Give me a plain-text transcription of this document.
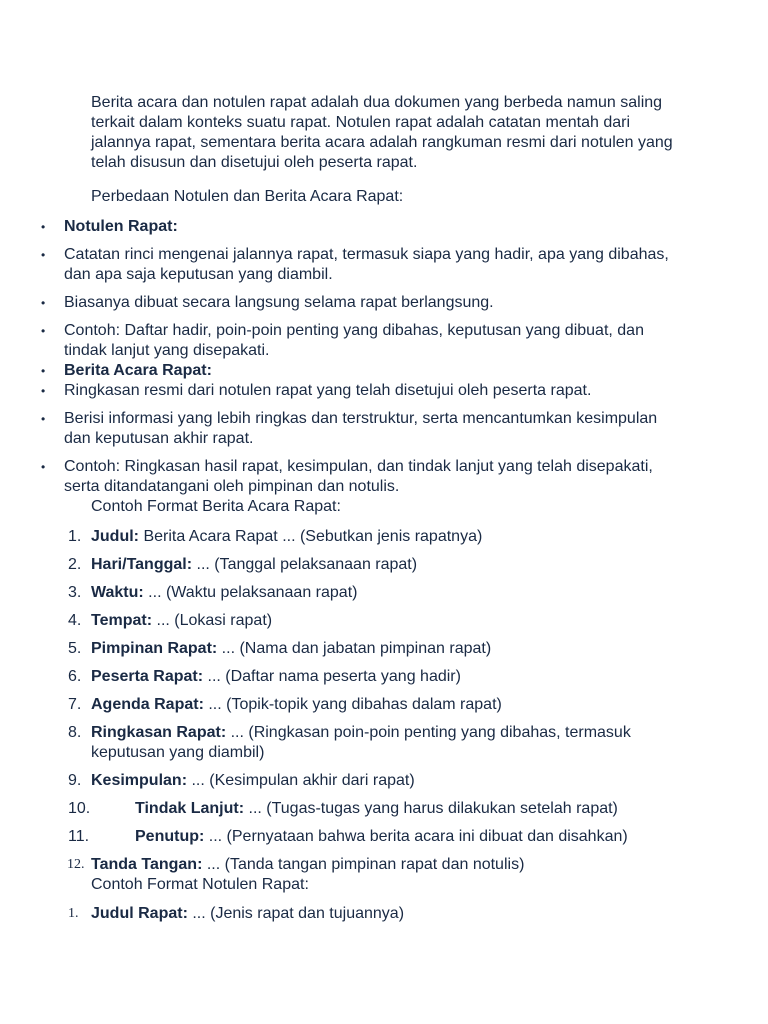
Berita acara dan notulen rapat adalah dua dokumen yang berbeda namun saling terkait dalam konteks suatu rapat. Notulen rapat adalah catatan mentah dari jalannya rapat, sementara berita acara adalah rangkuman resmi dari notulen yang telah disusun dan disetujui oleh peserta rapat.
Perbedaan Notulen dan Berita Acara Rapat:
• Notulen Rapat:
• Catatan rinci mengenai jalannya rapat, termasuk siapa yang hadir, apa yang dibahas, dan apa saja keputusan yang diambil.
• Biasanya dibuat secara langsung selama rapat berlangsung.
• Contoh: Daftar hadir, poin-poin penting yang dibahas, keputusan yang dibuat, dan tindak lanjut yang disepakati.
• Berita Acara Rapat:
• Ringkasan resmi dari notulen rapat yang telah disetujui oleh peserta rapat.
• Berisi informasi yang lebih ringkas dan terstruktur, serta mencantumkan kesimpulan dan keputusan akhir rapat.
• Contoh: Ringkasan hasil rapat, kesimpulan, dan tindak lanjut yang telah disepakati, serta ditandatangani oleh pimpinan dan notulis.
Contoh Format Berita Acara Rapat:
1. Judul: Berita Acara Rapat ... (Sebutkan jenis rapatnya)
2. Hari/Tanggal: ... (Tanggal pelaksanaan rapat)
3. Waktu: ... (Waktu pelaksanaan rapat)
4. Tempat: ... (Lokasi rapat)
5. Pimpinan Rapat: ... (Nama dan jabatan pimpinan rapat)
6. Peserta Rapat: ... (Daftar nama peserta yang hadir)
7. Agenda Rapat: ... (Topik-topik yang dibahas dalam rapat)
8. Ringkasan Rapat: ... (Ringkasan poin-poin penting yang dibahas, termasuk keputusan yang diambil)
9. Kesimpulan: ... (Kesimpulan akhir dari rapat)
10.	Tindak Lanjut: ... (Tugas-tugas yang harus dilakukan setelah rapat)
11.	Penutup: ... (Pernyataan bahwa berita acara ini dibuat dan disahkan)
12. Tanda Tangan: ... (Tanda tangan pimpinan rapat dan notulis)
Contoh Format Notulen Rapat:
1. Judul Rapat: ... (Jenis rapat dan tujuannya)
